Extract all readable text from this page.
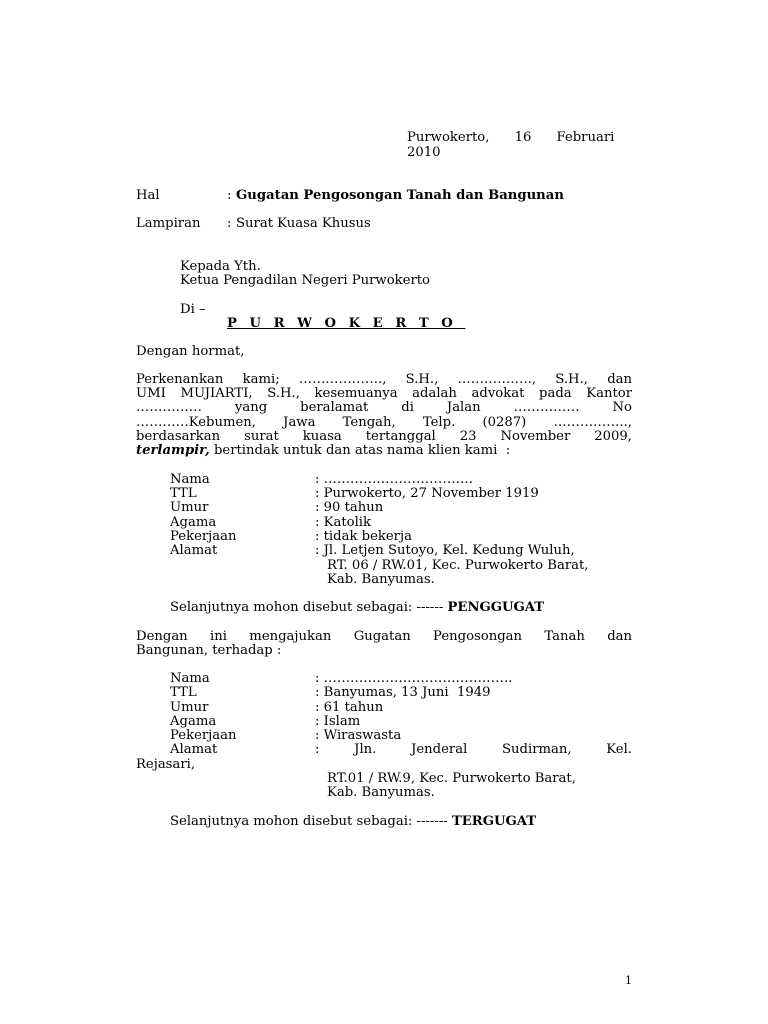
Purwokerto,      16      Februari
2010
Hal	: Gugatan Pengosongan Tanah dan Bangunan
Lampiran : Surat Kuasa Khusus
Kepada Yth.
Ketua Pengadilan Negeri Purwokerto
Di –
P U R W O K E R T O
Dengan hormat,
Perkenankan kami; ………………., S.H., …………….., S.H., dan
UMI MUJIARTI, S.H., kesemuanya adalah advokat pada Kantor
…………… yang beralamat di Jalan …………… No
…………Kebumen, Jawa Tengah, Telp. (0287) ……………..,
berdasarkan surat kuasa tertanggal 23 November 2009,
terlampir, bertindak untuk dan atas nama klien kami  :
Nama	: …………………………….
TTL	: Purwokerto, 27 November 1919
Umur	: 90 tahun
Agama	: Katolik
Pekerjaan	: tidak bekerja
Alamat	: Jl. Letjen Sutoyo, Kel. Kedung Wuluh,
RT. 06 / RW.01, Kec. Purwokerto Barat,
Kab. Banyumas.
Selanjutnya mohon disebut sebagai: ------ PENGGUGAT
Dengan ini mengajukan Gugatan Pengosongan Tanah dan
Bangunan, terhadap :
Nama	: …………………………………….
TTL	: Banyumas, 13 Juni  1949
Umur	: 61 tahun
Agama	: Islam
Pekerjaan	: Wiraswasta
Alamat	: Jln. Jenderal Sudirman, Kel.
Rejasari,
RT.01 / RW.9, Kec. Purwokerto Barat,
Kab. Banyumas.
Selanjutnya mohon disebut sebagai: ------- TERGUGAT
1
